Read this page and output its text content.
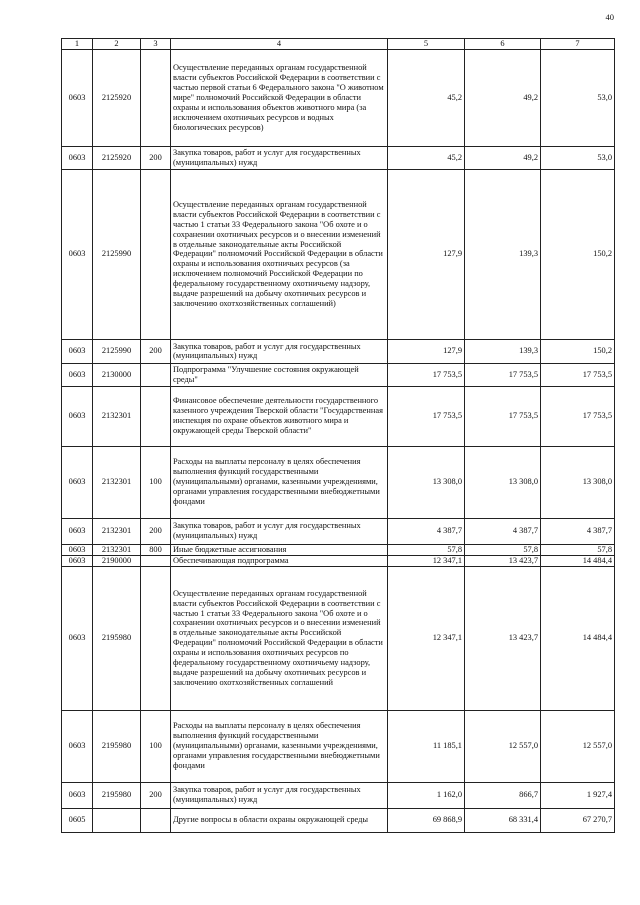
40
1	2	3	4	5	6	7
0603	2125920		Осуществление переданных органам государственной власти субъектов Российской Федерации в соответствии с частью первой статьи 6 Федерального закона "О животном мире" полномочий Российской Федерации в области охраны и использования объектов животного мира (за исключением охотничьих ресурсов и водных биологических ресурсов)	45,2	49,2	53,0
0603	2125920	200	Закупка товаров, работ и услуг для государственных (муниципальных) нужд	45,2	49,2	53,0
0603	2125990		Осуществление переданных органам государственной власти субъектов Российской Федерации в соответствии с частью 1 статьи 33 Федерального закона "Об охоте и о сохранении охотничьих ресурсов и о внесении изменений в отдельные законодательные акты Российской Федерации" полномочий Российской Федерации в области охраны и использования охотничьих ресурсов (за исключением полномочий Российской Федерации по федеральному государственному охотничьему надзору, выдаче разрешений на добычу охотничьих ресурсов и заключению охотхозяйственных соглашений)	127,9	139,3	150,2
0603	2125990	200	Закупка товаров, работ и услуг для государственных (муниципальных) нужд	127,9	139,3	150,2
0603	2130000		Подпрограмма "Улучшение состояния окружающей среды"	17 753,5	17 753,5	17 753,5
0603	2132301		Финансовое обеспечение деятельности государственного казенного учреждения Тверской области "Государственная инспекция по охране объектов животного мира и окружающей среды Тверской области"	17 753,5	17 753,5	17 753,5
0603	2132301	100	Расходы на выплаты персоналу в целях обеспечения выполнения функций государственными (муниципальными) органами, казенными учреждениями, органами управления государственными внебюджетными фондами	13 308,0	13 308,0	13 308,0
0603	2132301	200	Закупка товаров, работ и услуг для государственных (муниципальных) нужд	4 387,7	4 387,7	4 387,7
0603	2132301	800	Иные бюджетные ассигнования	57,8	57,8	57,8
0603	2190000		Обеспечивающая подпрограмма	12 347,1	13 423,7	14 484,4
0603	2195980		Осуществление переданных органам государственной власти субъектов Российской Федерации в соответствии с частью 1 статьи 33 Федерального закона "Об охоте и о сохранении охотничьих ресурсов и о внесении изменений в отдельные законодательные акты Российской Федерации" полномочий Российской Федерации в области охраны и использования охотничьих ресурсов по федеральному государственному охотничьему надзору, выдаче разрешений на добычу охотничьих ресурсов и заключению охотхозяйственных соглашений	12 347,1	13 423,7	14 484,4
0603	2195980	100	Расходы на выплаты персоналу в целях обеспечения выполнения функций государственными (муниципальными) органами, казенными учреждениями, органами управления государственными внебюджетными фондами	11 185,1	12 557,0	12 557,0
0603	2195980	200	Закупка товаров, работ и услуг для государственных (муниципальных) нужд	1 162,0	866,7	1 927,4
0605			Другие вопросы в области охраны окружающей среды	69 868,9	68 331,4	67 270,7
